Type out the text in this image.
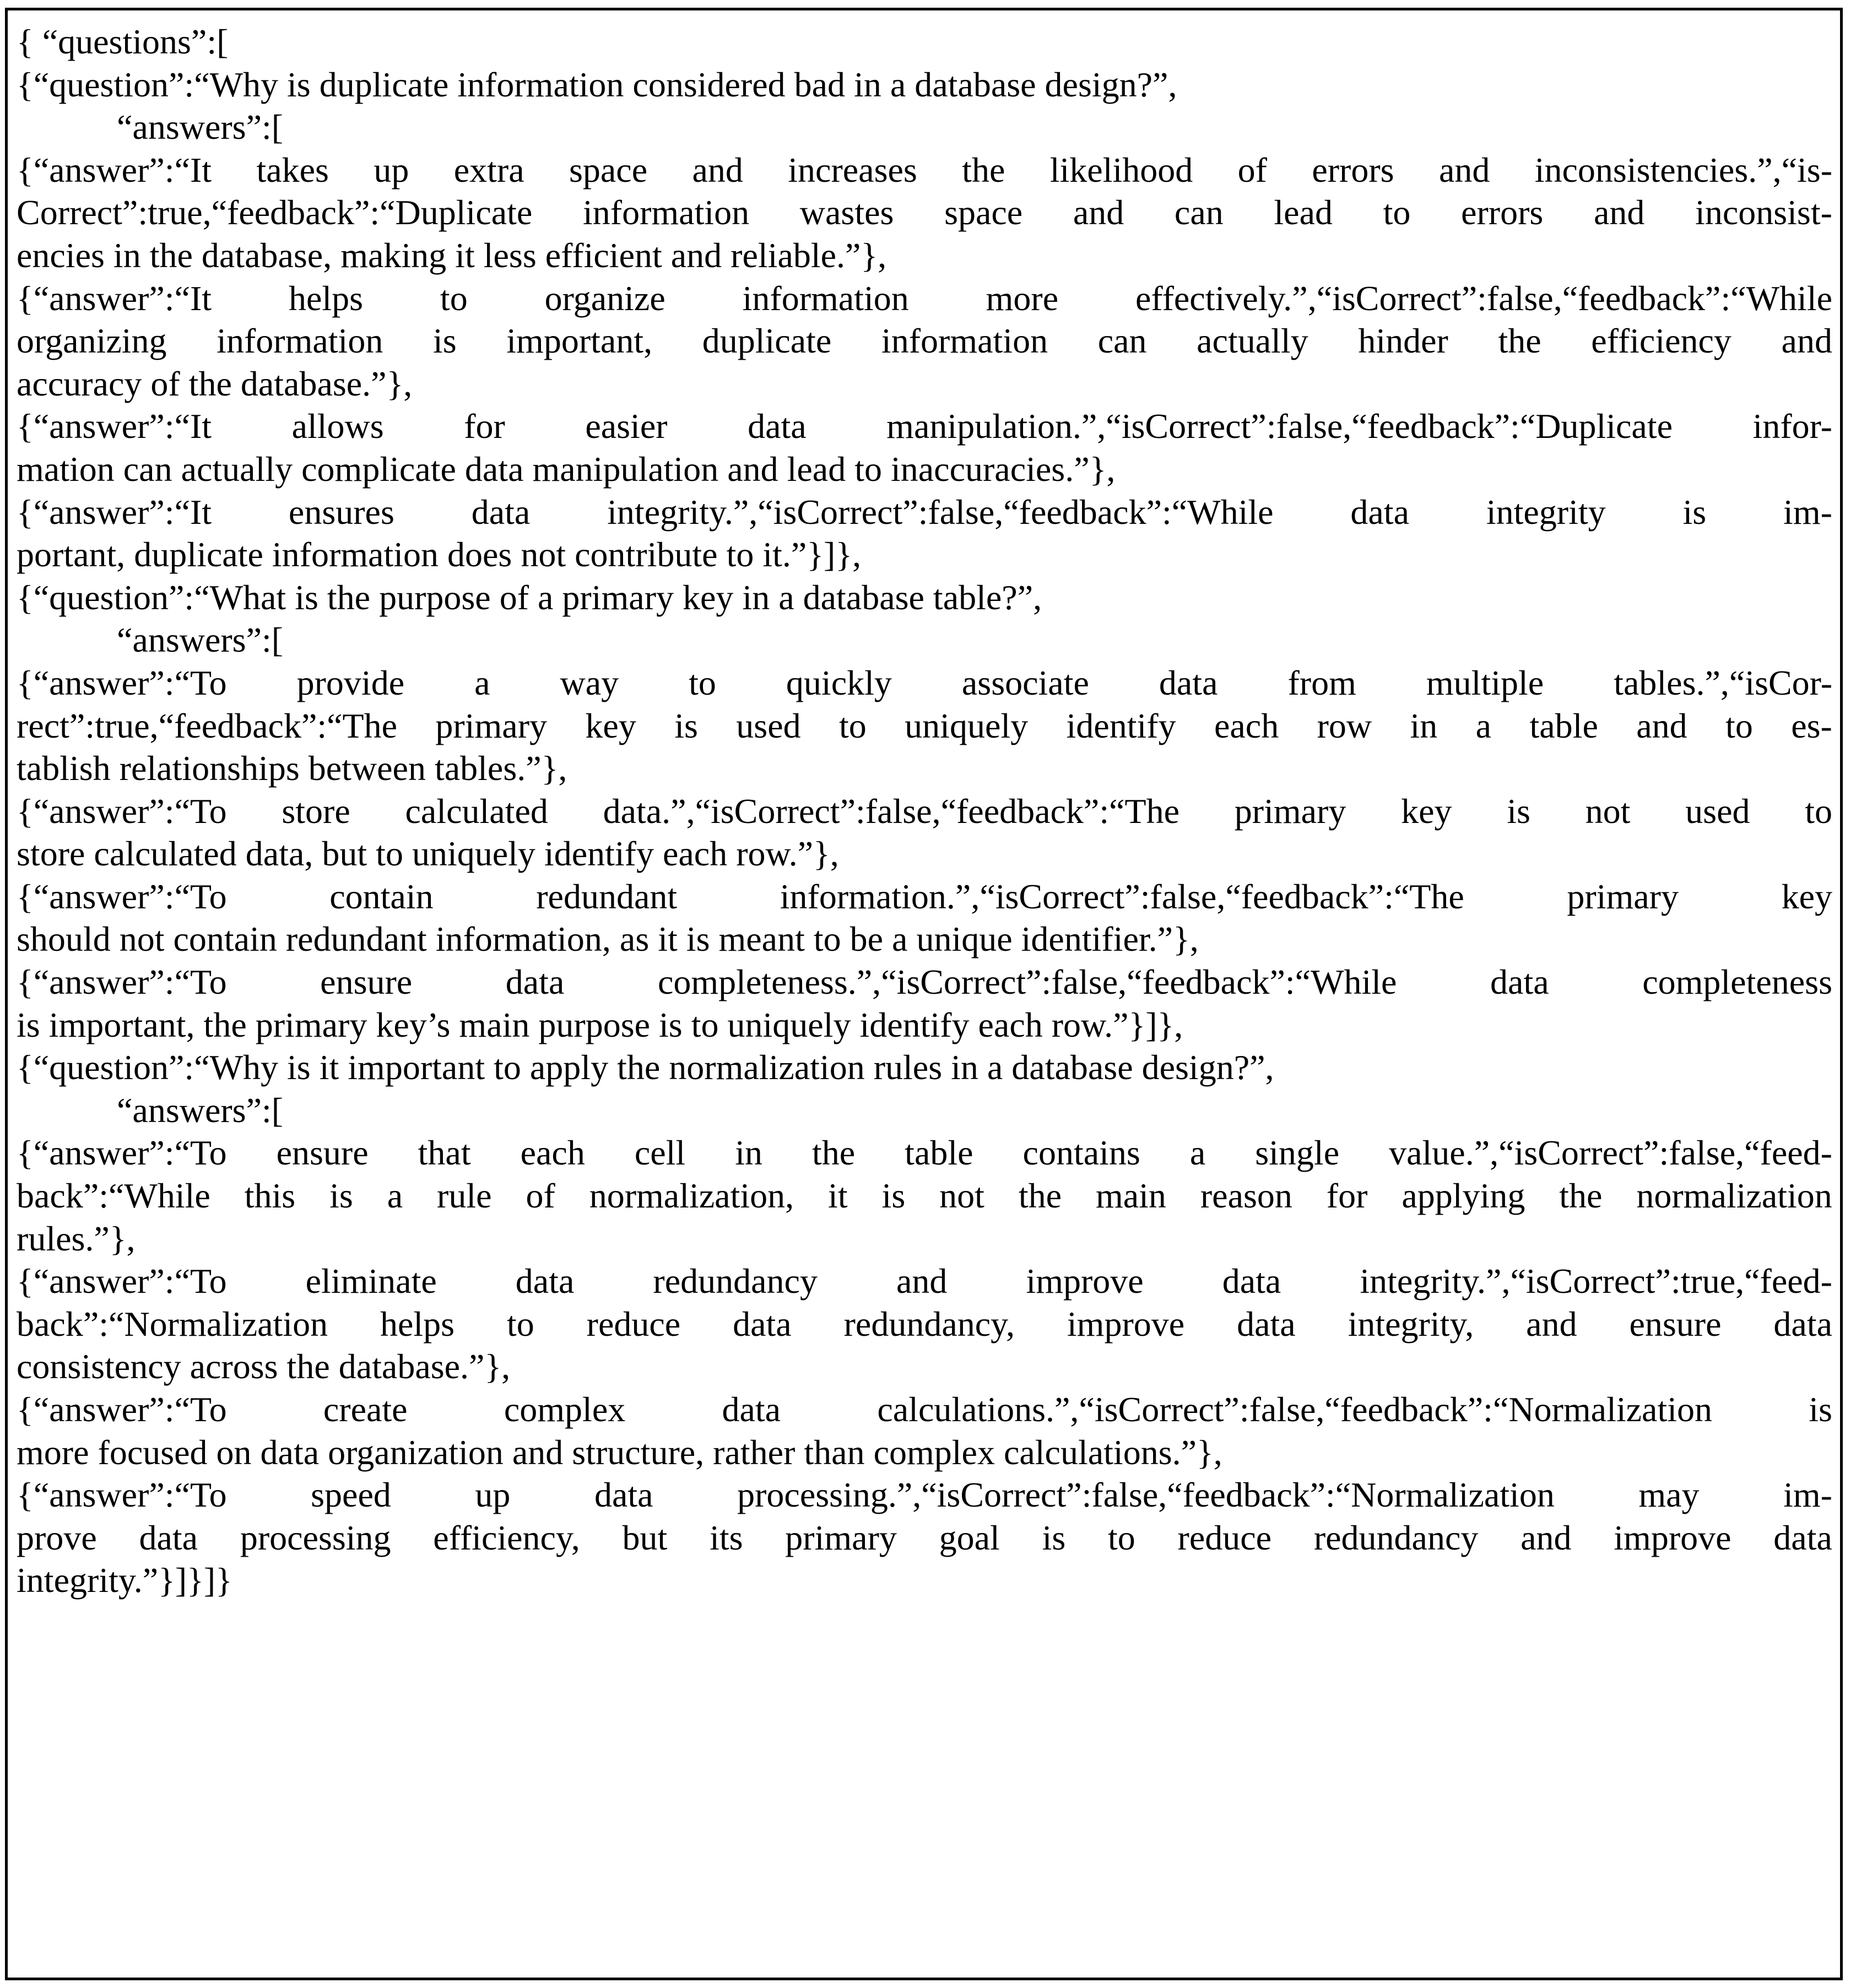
{ “questions”:[
{“question”:“Why is duplicate information considered bad in a database design?”,
“answers”:[
{“answer”:“It takes up extra space and increases the likelihood of errors and inconsistencies.”,“is-
Correct”:true,“feedback”:“Duplicate information wastes space and can lead to errors and inconsist-
encies in the database, making it less efficient and reliable.”},
{“answer”:“It helps to organize information more effectively.”,“isCorrect”:false,“feedback”:“While
organizing information is important, duplicate information can actually hinder the efficiency and
accuracy of the database.”},
{“answer”:“It allows for easier data manipulation.”,“isCorrect”:false,“feedback”:“Duplicate infor-
mation can actually complicate data manipulation and lead to inaccuracies.”},
{“answer”:“It ensures data integrity.”,“isCorrect”:false,“feedback”:“While data integrity is im-
portant, duplicate information does not contribute to it.”}]},
{“question”:“What is the purpose of a primary key in a database table?”,
“answers”:[
{“answer”:“To provide a way to quickly associate data from multiple tables.”,“isCor-
rect”:true,“feedback”:“The primary key is used to uniquely identify each row in a table and to es-
tablish relationships between tables.”},
{“answer”:“To store calculated data.”,“isCorrect”:false,“feedback”:“The primary key is not used to
store calculated data, but to uniquely identify each row.”},
{“answer”:“To	contain	redundant	information.”,“isCorrect”:false,“feedback”:“The	primary	key
should not contain redundant information, as it is meant to be a unique identifier.”},
{“answer”:“To	ensure	data	completeness.”,“isCorrect”:false,“feedback”:“While	data	completeness
is important, the primary key’s main purpose is to uniquely identify each row.”}]},
{“question”:“Why is it important to apply the normalization rules in a database design?”,
“answers”:[
{“answer”:“To ensure that each cell in the table contains a single value.”,“isCorrect”:false,“feed-
back”:“While this is a rule of normalization, it is not the main reason for applying the normalization
rules.”},
{“answer”:“To eliminate data redundancy and improve data integrity.”,“isCorrect”:true,“feed-
back”:“Normalization helps to reduce data redundancy, improve data integrity, and ensure data
consistency across the database.”},
{“answer”:“To	create	complex	data	calculations.”,“isCorrect”:false,“feedback”:“Normalization	is
more focused on data organization and structure, rather than complex calculations.”},
{“answer”:“To speed up data processing.”,“isCorrect”:false,“feedback”:“Normalization may im-
prove data processing efficiency, but its primary goal is to reduce redundancy and improve data
integrity.”}]}]}
